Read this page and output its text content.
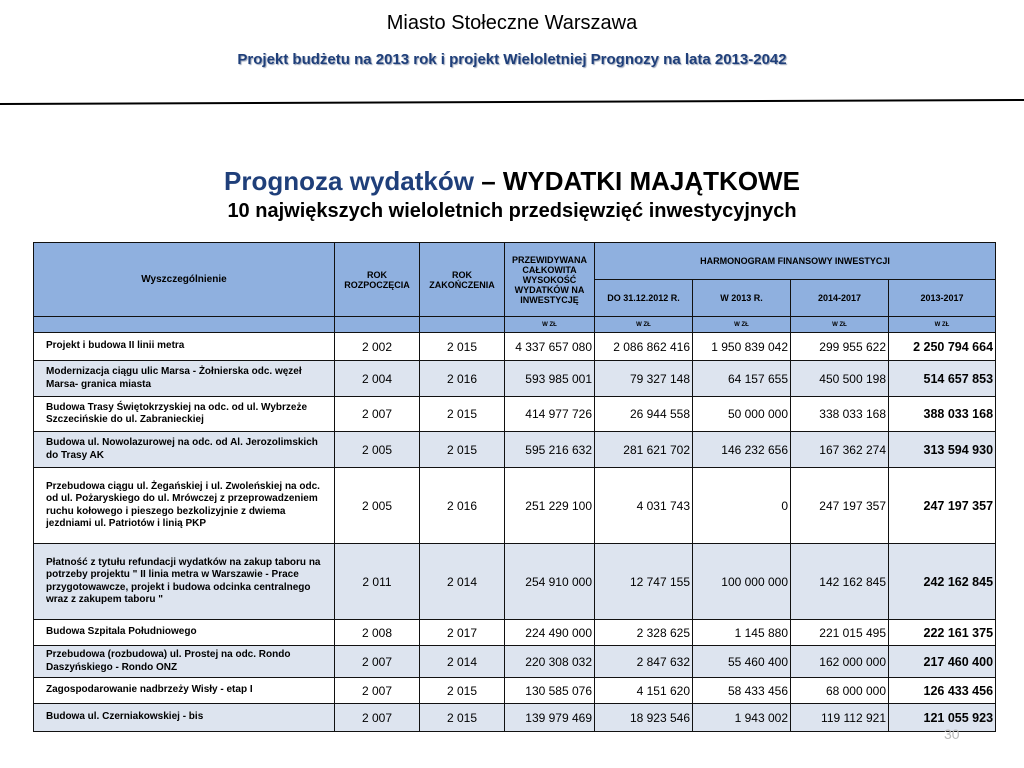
Miasto Stołeczne Warszawa
Projekt budżetu na 2013 rok i projekt Wieloletniej Prognozy na lata 2013-2042
Prognoza wydatków – WYDATKI MAJĄTKOWE
10 największych wieloletnich przedsięwzięć inwestycyjnych
Wyszczególnienie	ROK ROZPOCZĘCIA	ROK ZAKOŃCZENIA	PRZEWIDYWANA CAŁKOWITA WYSOKOŚĆ WYDATKÓW NA INWESTYCJĘ	HARMONOGRAM FINANSOWY INWESTYCJI			
				DO 31.12.2012 R.	W 2013 R.	2014-2017	2013-2017
			W ZŁ	W ZŁ	W ZŁ	W ZŁ	W ZŁ
Projekt i budowa II linii metra	2 002	2 015	4 337 657 080	2 086 862 416	1 950 839 042	299 955 622	2 250 794 664
Modernizacja ciągu ulic Marsa - Żołnierska odc. węzeł Marsa- granica miasta	2 004	2 016	593 985 001	79 327 148	64 157 655	450 500 198	514 657 853
Budowa Trasy Świętokrzyskiej na odc. od ul. Wybrzeże Szczecińskie do ul. Zabranieckiej	2 007	2 015	414 977 726	26 944 558	50 000 000	338 033 168	388 033 168
Budowa ul. Nowolazurowej na odc. od Al. Jerozolimskich do Trasy AK	2 005	2 015	595 216 632	281 621 702	146 232 656	167 362 274	313 594 930
Przebudowa ciągu ul. Żegańskiej i ul. Zwoleńskiej na odc. od ul. Pożaryskiego do ul. Mrówczej z przeprowadzeniem ruchu kołowego i pieszego bezkolizyjnie z dwiema jezdniami ul. Patriotów i linią PKP	2 005	2 016	251 229 100	4 031 743	0	247 197 357	247 197 357
Płatność z tytułu refundacji wydatków na zakup taboru na potrzeby projektu " II linia metra w Warszawie - Prace przygotowawcze, projekt i budowa odcinka centralnego wraz z zakupem taboru "	2 011	2 014	254 910 000	12 747 155	100 000 000	142 162 845	242 162 845
Budowa Szpitala Południowego	2 008	2 017	224 490 000	2 328 625	1 145 880	221 015 495	222 161 375
Przebudowa (rozbudowa) ul. Prostej na odc. Rondo Daszyńskiego - Rondo ONZ	2 007	2 014	220 308 032	2 847 632	55 460 400	162 000 000	217 460 400
Zagospodarowanie nadbrzeży Wisły - etap I	2 007	2 015	130 585 076	4 151 620	58 433 456	68 000 000	126 433 456
Budowa ul. Czerniakowskiej - bis	2 007	2 015	139 979 469	18 923 546	1 943 002	119 112 921	121 055 923
30
